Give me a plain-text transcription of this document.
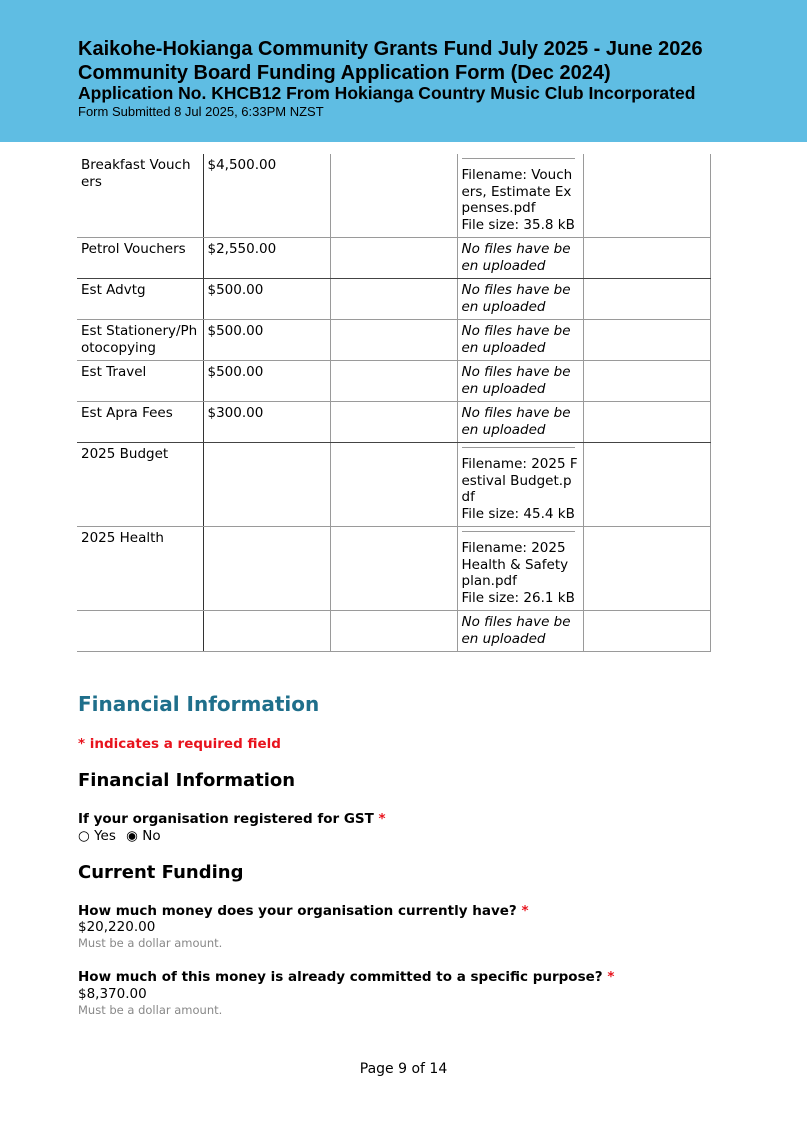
Kaikohe-Hokianga Community Grants Fund July 2025 - June 2026
Community Board Funding Application Form (Dec 2024)
Application No. KHCB12 From Hokianga Country Music Club Incorporated
Form Submitted 8 Jul 2025, 6:33PM NZST
Breakfast Vouchers	$4,500.00		Filename: Vouchers, Estimate Expenses.pdf
File size: 35.8 kB	

Petrol Vouchers	$2,550.00		No files have been uploaded	

Est Advtg	$500.00		No files have been uploaded	

Est Stationery/Photocopying	$500.00		No files have been uploaded	

Est Travel	$500.00		No files have been uploaded	

Est Apra Fees	$300.00		No files have been uploaded	

2025 Budget			Filename: 2025 Festival Budget.pdf
File size: 45.4 kB	

2025 Health			Filename: 2025 Health & Safety plan.pdf
File size: 26.1 kB	

			No files have been uploaded	

Financial Information
* indicates a required field
Financial Information
If your organisation registered for GST *
○ Yes ◉ No
Current Funding
How much money does your organisation currently have? *
$20,220.00
Must be a dollar amount.
How much of this money is already committed to a specific purpose? *
$8,370.00
Must be a dollar amount.
Page 9 of 14
